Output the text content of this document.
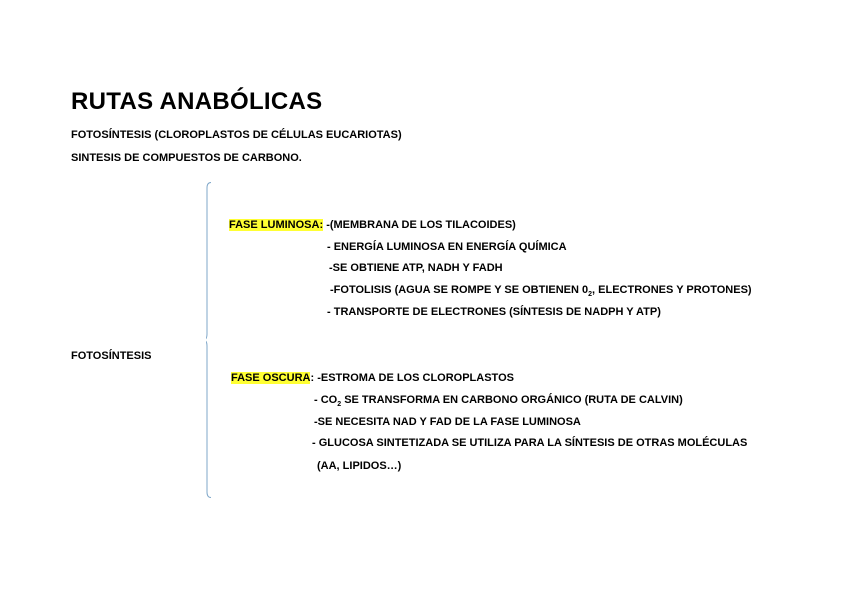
RUTAS ANABÓLICAS
FOTOSÍNTESIS (CLOROPLASTOS DE CÉLULAS EUCARIOTAS)
SINTESIS DE COMPUESTOS DE CARBONO.
FOTOSÍNTESIS
FASE LUMINOSA: -(MEMBRANA DE LOS TILACOIDES)
- ENERGÍA LUMINOSA EN ENERGÍA QUÍMICA
-SE OBTIENE ATP, NADH Y FADH
-FOTOLISIS (AGUA SE ROMPE Y SE OBTIENEN $0_2$, ELECTRONES Y PROTONES)
- TRANSPORTE DE ELECTRONES (SÍNTESIS DE NADPH Y ATP)
FASE OSCURA: -ESTROMA DE LOS CLOROPLASTOS
- $CO_2$ SE TRANSFORMA EN CARBONO ORGÁNICO (RUTA DE CALVIN)
-SE NECESITA NAD Y FAD DE LA FASE LUMINOSA
- GLUCOSA SINTETIZADA SE UTILIZA PARA LA SÍNTESIS DE OTRAS MOLÉCULAS
(AA, LIPIDOS…)
